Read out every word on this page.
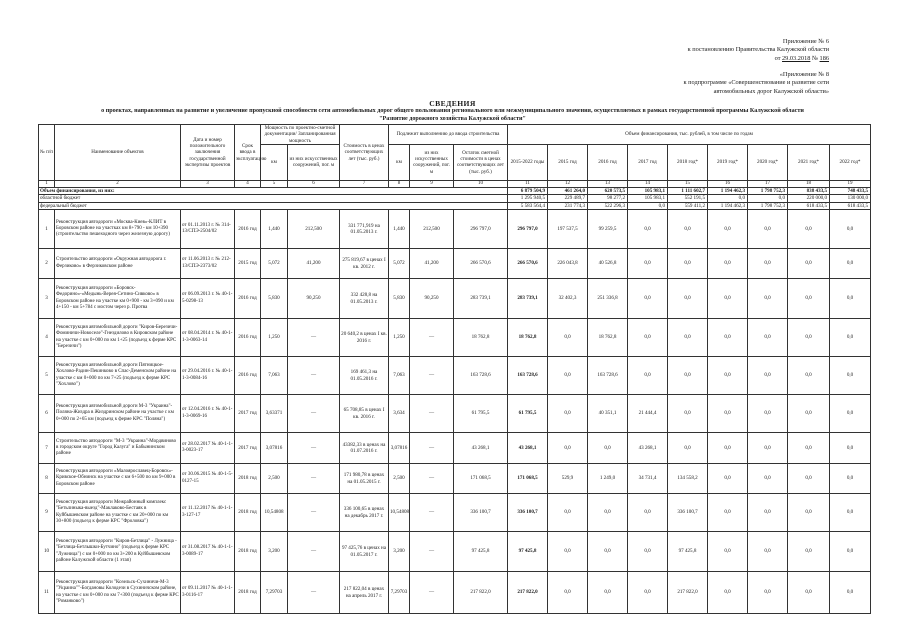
Приложение № 6
к постановлению Правительства Калужской области
от 29.03.2018 № 186
«Приложение № 8
к подпрограмме «Совершенствование и развитие сети
автомобильных дорог Калужской области»
СВЕДЕНИЯ
о проектах, направленных на развитие и увеличение пропускной способности сети автомобильных дорог общего пользования регионального или межмуниципального значения, осуществляемых в рамках государственной программы Калужской области
"Развитие дорожного хозяйства Калужской области"
№ п/п	Наименование объектов	Дата и номер положительного заключения государственной экспертизы проектов	Срок ввода в эксплуатацию	Мощность по проектно-сметной документации/ Запланированная мощность		Стоимость в ценах соответствующих лет (тыс. руб.)	Подлежит выполнению до ввода строительства			Объем финансирования, тыс. рублей, в том числе по годам								
				км	из них искусственных сооружений, пог. м		км	из них искусственных сооружений, пог. м	Остаток сметной стоимости в ценах соответствующих лет (тыс. руб.)	2015-2022 годы	2015 год	2016 год	2017 год	2018 год*	2019 год*	2020 год*	2021 год*	2022 год*
1	2	3	4	5	6	7	8	9	10	11	12	13	14	15	16	17	18	19
Объем финансирования, из них:										6 879 504,9	461 264,0	620 573,5	105 983,1	1 111 602,7	1 194 462,3	1 798 752,3	838 433,5	748 433,5
областной бюджет										1 295 940,5	229 489,7	98 277,2	105 983,1	552 191,5	0,0	0,0	220 000,0	130 000,0
федеральный бюджет										5 583 564,4	231 774,3	522 296,3	0,0	559 411,2	1 194 462,3	1 798 752,3	618 433,5	618 433,5
1	Реконструкция автодороги «Москва-Киев»-КЛИТ в Боровском районе на участках км 8+790 - км 10+390 (строительство пешеходного через железную дорогу)	от 01.11.2013 г. № 314-13/СПЭ-2504/02	2016 год	1,440	212,500	331 771,919 на 01.05.2013 г.	1,440	212,500	296 797,0	296 797,0	197 537,5	99 259,5	0,0	0,0	0,0	0,0	0,0	0,0
2	Строительство автодороги «Окружная автодорога г. Ферзиково» в Ферзиковском районе	от 11.06.2013 г. № 212-13/СПЭ-2373/02	2015 год	5,072	41,200	275 819,67 в ценах I кв. 2012 г.	5,072	41,200	266 570,6	266 570,6	226 043,8	40 526,8	0,0	0,0	0,0	0,0	0,0	0,0
3	Реконструкция автодороги «Боровск-Федорино»-«Медынь-Верея-Сетино-Сивково» в Боровском районе на участке км 0+900 - км 3+090 и км 4+150 - км 5+784 с мостом через р. Протва	от 06.09.2013 г. № 40-1-5-0298-13	2016 год	5,830	90,250	332 428,8 на 01.05.2013 г.	5,830	90,250	283 739,1	283 739,1	32 402,3	251 336,8	0,0	0,0	0,0	0,0	0,0	0,0
4	Реконструкция автомобильной дороги "Киров-Березичи-Фоминичи-Новоселе"-Гнездилово в Кировском районе на участке с км 0+000 по км 1+25 (подъезд к ферме КРС "Березичи")	от 08.04.2014 г. № 40-1-1-3-0063-14	2016 год	1,250	—	20 640,2 в ценах I кв. 2016 г.	1,250	—	18 762,8	18 762,8	0,0	18 762,8	0,0	0,0	0,0	0,0	0,0	0,0
5	Реконструкция автомобильной дороги Пятницкое-Хохлово-Радин-Пекинково в Спас-Деменском районе на участке с км 0+000 по км 7+25 (подъезд к ферме КРС "Хохлово")	от 29.04.2016 г. № 40-1-1-3-0084-16	2016 год	7,063	—	169 461,3 на 01.05.2016 г.	7,063	—	163 728,6	163 728,6	0,0	163 728,6	0,0	0,0	0,0	0,0	0,0	0,0
6	Реконструкция автомобильной дороги М-3 "Украина"-Поляна-Жиздра в Жиздринском районе на участке с км 0+000 по 2+65 км (подъезд к ферме КРС "Поляна")	от 12.04.2016 г. № 40-1-1-3-0069-16	2017 год	3,63371	—	65 708,85 в ценах I кв. 2016 г.	3,634	—	61 795,5	61 795,5	0,0	40 351,1	21 444,4	0,0	0,0	0,0	0,0	0,0
7	Строительство автодороги "М-3 "Украина"-Мордвиново в городском округе "Город Калуга" и Бабынинском районе	от 28.02.2017 № 40-1-1-3-0023-17	2017 год	3,07816	—	43382,33 в ценах на 01.07.2016 г.	3,07816	—	43 268,1	43 268,1	0,0	0,0	43 268,1	0,0	0,0	0,0	0,0	0,0
8	Реконструкция автодороги «Малоярославец-Боровск»-Кривское-Обнинск на участке с км 6+500 по км 9+000 в Боровском районе	от 30.06.2015 № 40-1-5-0127-15	2018 год	2,500	—	171 980,78 в ценах на 01.05.2015 г.	2,500	—	171 068,5	171 068,5	529,9	1 249,0	34 731,4	134 558,2	0,0	0,0	0,0	0,0
9	Реконструкция автодороги Межрайонный комплекс "Бетьлиныка-выезд"-Маклаково-Бестаяк в Куйбышевском районе на участке с км 20+000 по км 30+800 (подъезд к ферме КРС "Фроловка")	от 11.12.2017 № 40-1-1-3-127-17	2018 год	10,54808	—	336 100,65 в ценах на декабрь 2017 г.	10,54808	—	336 100,7	336 100,7	0,0	0,0	0,0	336 100,7	0,0	0,0	0,0	0,0
10	Реконструкция автодороги "Киров-Бетлица" - Лужница - "Бетлица-Бетлышки-Бутчино" (подъезд к ферме КРС "Лужница") с км 0+000 по км 3+200 в Куйбышевском районе Калужской области (1 этап)	от 31.08.2017 № 40-1-1-3-0089-17	2018 год	3,200	—	97 425,76 в ценах на 01.05.2017 г.	3,200	—	97 425,8	97 425,8	0,0	0,0	0,0	97 425,8	0,0	0,0	0,0	0,0
11	Реконструкция автодороги "Козельск-Сухиничи-М-3 "Украина""-Богдановы Колодези в Сухиничском районе, на участке с км 0+000 по км 7+300 (подъезд к ферме КРС "Романково")	от 09.11.2017 № 40-1-1-3-0116-17	2018 год	7,29703	—	217 822,04 в ценах на апрель 2017 г.	7,29703	—	217 822,0	217 822,0	0,0	0,0	0,0	217 822,0	0,0	0,0	0,0	0,0
